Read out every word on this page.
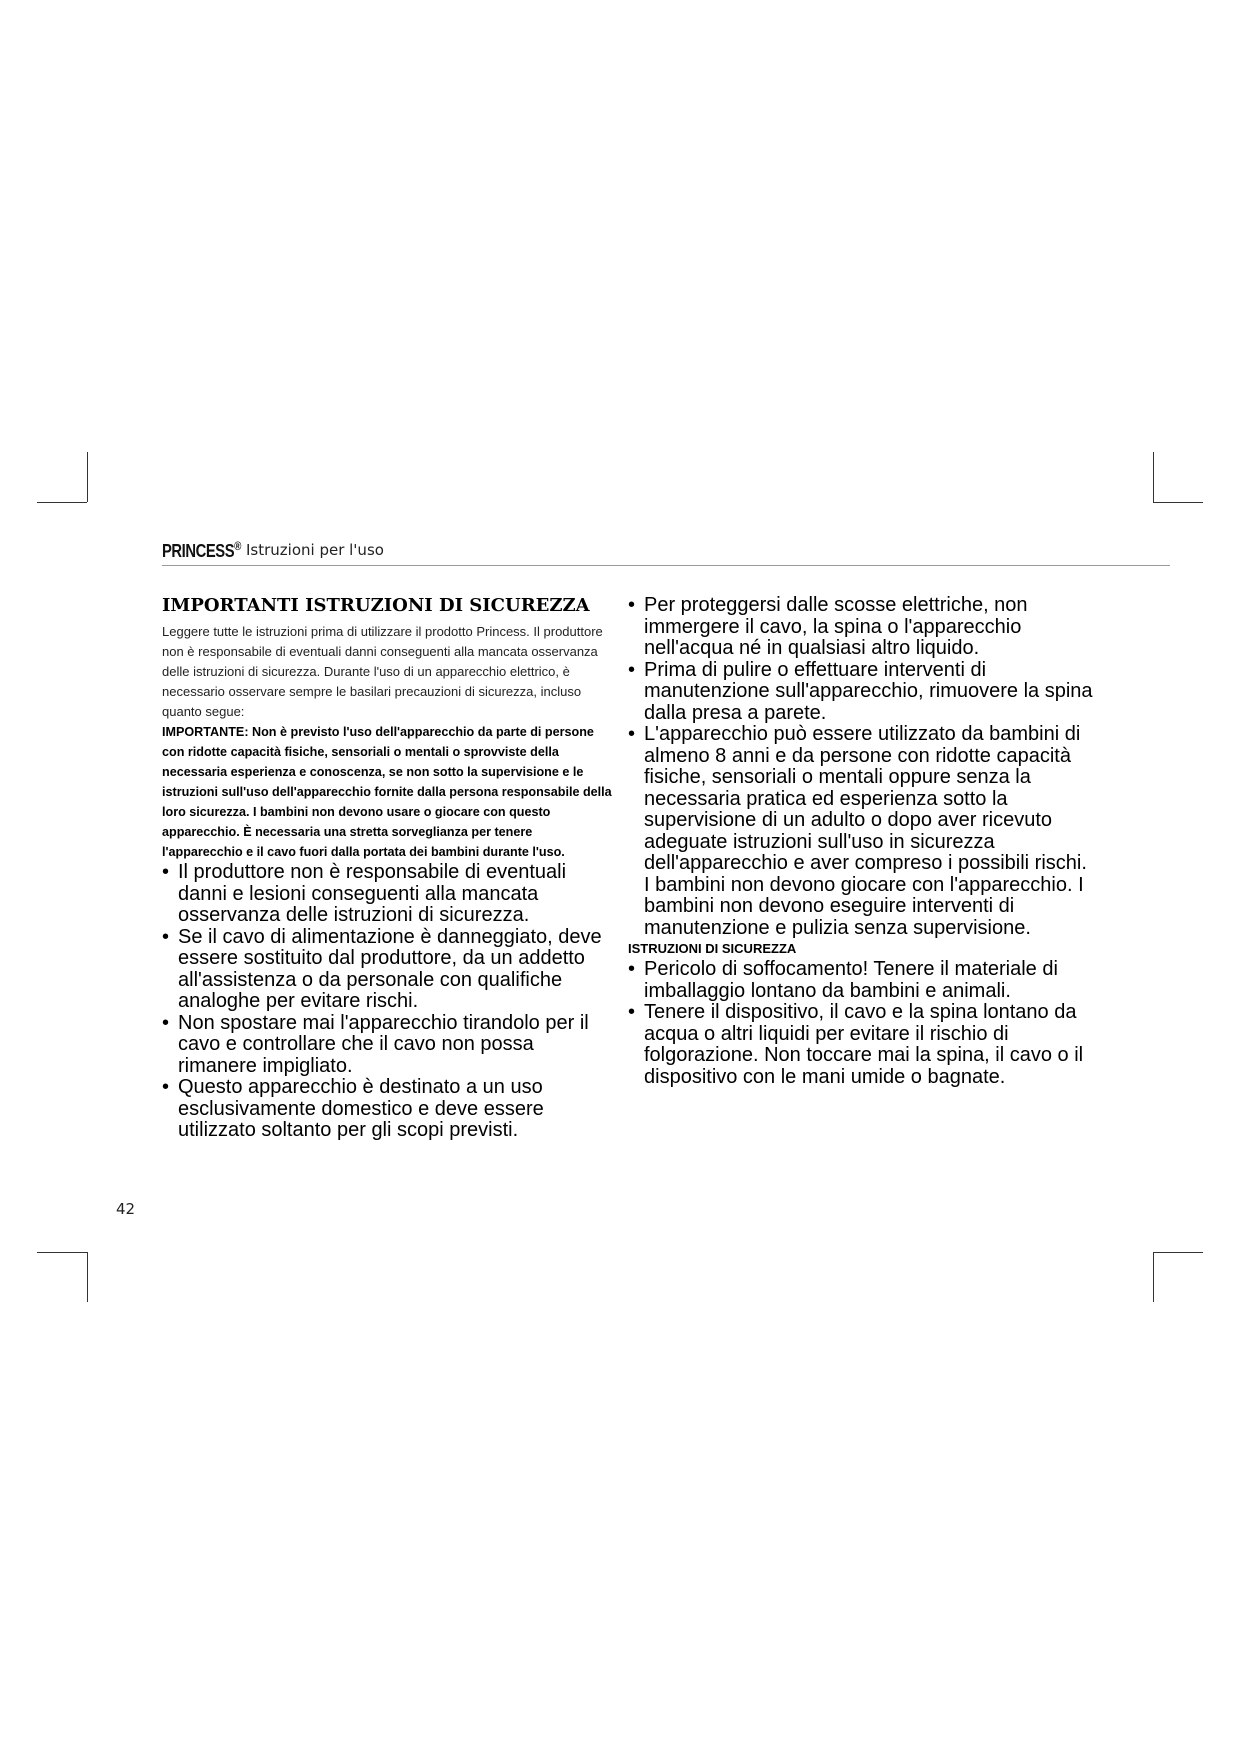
PRINCESS® Istruzioni per l'uso
IMPORTANTI ISTRUZIONI DI SICUREZZA

Leggere tutte le istruzioni prima di utilizzare il prodotto Princess. Il produttore non è responsabile di eventuali danni conseguenti alla mancata osservanza delle istruzioni di sicurezza. Durante l'uso di un apparecchio elettrico, è necessario osservare sempre le basilari precauzioni di sicurezza, incluso quanto segue:

IMPORTANTE: Non è previsto l'uso dell'apparecchio da parte di persone con ridotte capacità fisiche, sensoriali o mentali o sprovviste della necessaria esperienza e conoscenza, se non sotto la supervisione e le istruzioni sull'uso dell'apparecchio fornite dalla persona responsabile della loro sicurezza. I bambini non devono usare o giocare con questo apparecchio. È necessaria una stretta sorveglianza per tenere l'apparecchio e il cavo fuori dalla portata dei bambini durante l'uso.

• Il produttore non è responsabile di eventuali danni e lesioni conseguenti alla mancata osservanza delle istruzioni di sicurezza.
• Se il cavo di alimentazione è danneggiato, deve essere sostituito dal produttore, da un addetto all'assistenza o da personale con qualifiche analoghe per evitare rischi.
• Non spostare mai l'apparecchio tirandolo per il cavo e controllare che il cavo non possa rimanere impigliato.
• Questo apparecchio è destinato a un uso esclusivamente domestico e deve essere utilizzato soltanto per gli scopi previsti.
• Per proteggersi dalle scosse elettriche, non immergere il cavo, la spina o l'apparecchio nell'acqua né in qualsiasi altro liquido.
• Prima di pulire o effettuare interventi di manutenzione sull'apparecchio, rimuovere la spina dalla presa a parete.
• L'apparecchio può essere utilizzato da bambini di almeno 8 anni e da persone con ridotte capacità fisiche, sensoriali o mentali oppure senza la necessaria pratica ed esperienza sotto la supervisione di un adulto o dopo aver ricevuto adeguate istruzioni sull'uso in sicurezza dell'apparecchio e aver compreso i possibili rischi. I bambini non devono giocare con l'apparecchio. I bambini non devono eseguire interventi di manutenzione e pulizia senza supervisione.

ISTRUZIONI DI SICUREZZA

• Pericolo di soffocamento! Tenere il materiale di imballaggio lontano da bambini e animali.
• Tenere il dispositivo, il cavo e la spina lontano da acqua o altri liquidi per evitare il rischio di folgorazione. Non toccare mai la spina, il cavo o il dispositivo con le mani umide o bagnate.
42
